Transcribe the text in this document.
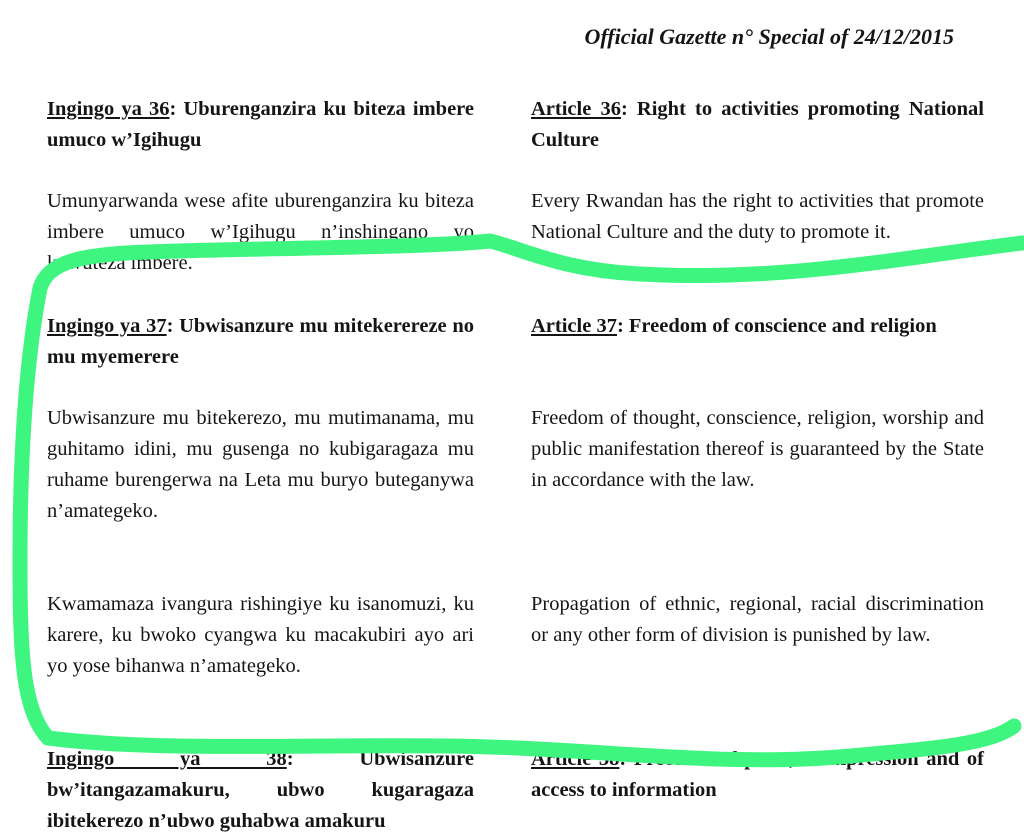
Official Gazette n° Special of 24/12/2015
Ingingo ya 36: Uburenganzira ku biteza imbere umuco w’Igihugu
Umunyarwanda wese afite uburenganzira ku biteza imbere umuco w’Igihugu n’inshingano yo kuwuteza imbere.
Ingingo ya 37: Ubwisanzure mu mitekerereze no mu myemerere
Ubwisanzure mu bitekerezo, mu mutimanama, mu guhitamo idini, mu gusenga no kubigaragaza mu ruhame burengerwa na Leta mu buryo buteganywa n’amategeko.
Kwamamaza ivangura rishingiye ku isanomuzi, ku karere, ku bwoko cyangwa ku macakubiri ayo ari yo yose bihanwa n’amategeko.
Ingingo ya 38: Ubwisanzure bw’itangazamakuru, ubwo kugaragaza ibitekerezo n’ubwo guhabwa amakuru
Article 36: Right to activities promoting National Culture
Every Rwandan has the right to activities that promote National Culture and the duty to promote it.
Article 37: Freedom of conscience and religion
Freedom of thought, conscience, religion, worship and public manifestation thereof is guaranteed by the State in accordance with the law.
Propagation of ethnic, regional, racial discrimination or any other form of division is punished by law.
Article 38: Freedom of press, of expression and of access to information
